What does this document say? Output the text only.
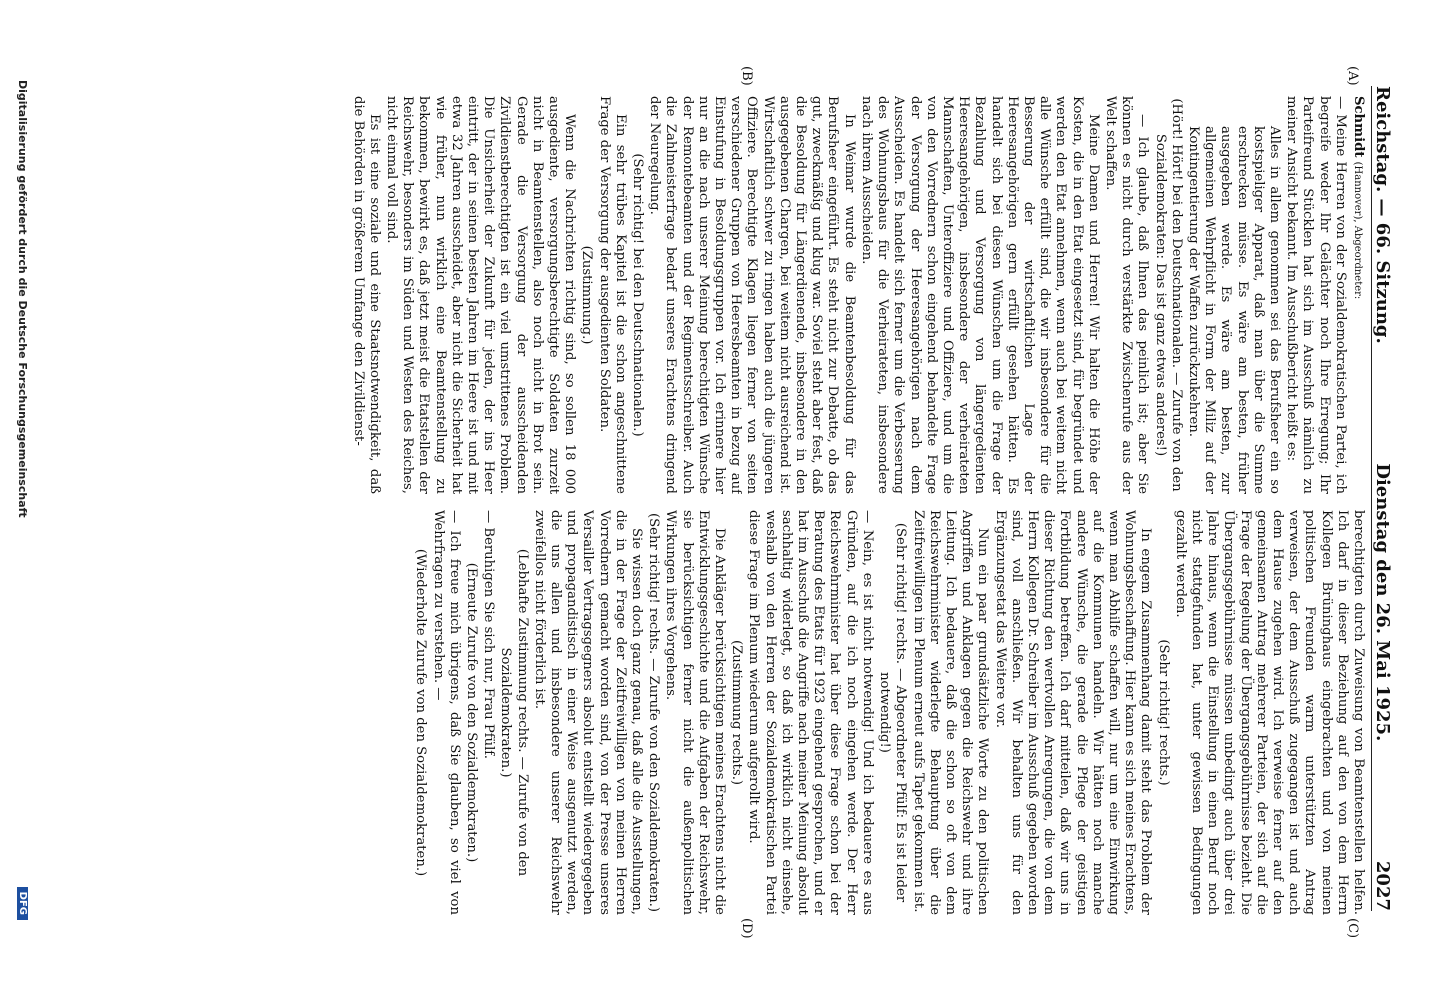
Reichstag. — 66. Sitzung.
Dienstag den 26. Mai 1925.
2027
(A)
(B)
(C)
(D)

Schmidt (Hannover), Abgeordneter:

— Meine Herren von der Sozialdemokratischen Partei, ich begreife weder Ihr Gelächter noch Ihre Erregung; Ihr Parteifreund Stücklen hat sich im Ausschuß nämlich zu meiner Ansicht bekannt. Im Ausschußbericht heißt es:

Alles in allem genommen sei das Berufsheer ein so kostspieliger Apparat, daß man über die Summe erschrecken müsse. Es wäre am besten, früher ausgegeben werde. Es wäre am besten, zur allgemeinen Wehrpflicht in Form der Miliz auf der Kontingentierung der Waffen zurückzukehren.

(Hört! Hört! bei den Deutschnationalen. — Zurufe von den Sozialdemokraten: Das ist ganz etwas anderes!)

— Ich glaube, daß Ihnen das peinlich ist; aber Sie können es nicht durch verstärkte Zwischenrufe aus der Welt schaffen.

Meine Damen und Herren! Wir halten die Höhe der Kosten, die in den Etat eingesetzt sind, für begründet und werden den Etat annehmen, wenn auch bei weitem nicht alle Wünsche erfüllt sind, die wir insbesondere für die Besserung der wirtschaftlichen Lage der Heeresangehörigen gern erfüllt gesehen hätten. Es handelt sich bei diesen Wünschen um die Frage der Bezahlung und Versorgung von längergedienten Heeresangehörigen, insbesondere der verheirateten Mannschaften, Unteroffiziere und Offiziere, und um die von den Vorrednern schon eingehend behandelte Frage der Versorgung der Heeresangehörigen nach dem Ausscheiden. Es handelt sich ferner um die Verbesserung des Wohnungsbaus für die Verheirateten, insbesondere nach ihrem Ausscheiden.

In Weimar wurde die Beamtenbesoldung für das Berufsheer eingeführt. Es steht nicht zur Debatte, ob das gut, zweckmäßig und klug war. Soviel steht aber fest, daß die Besoldung für Längerdienende, insbesondere in den ausgegebenen Chargen, bei weitem nicht ausreichend ist. Wirtschaftlich schwer zu ringen haben auch die jüngeren Offiziere. Berechtigte Klagen liegen ferner von seiten verschiedener Gruppen von Heeresbeamten in bezug auf Einstufung in Besoldungsgruppen vor. Ich erinnere hier nur an die nach unserer Meinung berechtigten Wünsche der Remontebeamten und der Regimentsschreiber. Auch die Zahlmeisterfrage bedarf unseres Erachtens dringend der Neuregelung.

(Sehr richtig! bei den Deutschnationalen.)

Ein sehr trübes Kapitel ist die schon angeschnittene Frage der Versorgung der ausgedienten Soldaten.

(Zustimmung.)

Wenn die Nachrichten richtig sind, so sollen 18 000 ausgediente, versorgungsberechtigte Soldaten zurzeit nicht in Beamtenstellen, also noch nicht in Brot sein. Gerade die Versorgung der ausscheidenden Zivildienstberechtigten ist ein viel umstrittenes Problem. Die Unsicherheit der Zukunft für jeden, der ins Heer eintritt, der in seinen besten Jahren im Heere ist und mit etwa 32 Jahren ausscheidet, aber nicht die Sicherheit hat wie früher, nun wirklich eine Beamtenstellung zu bekommen, bewirkt es, daß jetzt meist die Etatstellen der Reichswehr, besonders im Süden und Westen des Reiches, nicht einmal voll sind.

Es ist eine soziale und eine Staatsnotwendigkeit, daß die Behörden in größerem Umfange den Zivildienst-

berechtigten durch Zuweisung von Beamtenstellen helfen. Ich darf in dieser Beziehung auf den von dem Herrn Kollegen Brüninghaus eingebrachten und von meinen politischen Freunden warm unterstützten Antrag verweisen, der dem Ausschuß zugegangen ist und auch dem Hause zugehen wird. Ich verweise ferner auf den gemeinsamen Antrag mehrerer Parteien, der sich auf die Frage der Regelung der Übergangsgebührnisse bezieht. Die Übergangsgebührnisse müssen unbedingt auch über drei Jahre hinaus, wenn die Einstellung in einen Beruf noch nicht stattgefunden hat, unter gewissen Bedingungen gezahlt werden.

(Sehr richtig! rechts.)

In engem Zusammenhang damit steht das Problem der Wohnungsbeschaffung. Hier kann es sich meines Erachtens, wenn man Abhilfe schaffen will, nur um eine Einwirkung auf die Kommunen handeln. Wir hätten noch manche andere Wünsche, die gerade die Pflege der geistigen Fortbildung betreffen. Ich darf mitteilen, daß wir uns in dieser Richtung den wertvollen Anregungen, die von dem Herrn Kollegen Dr. Schreiber im Ausschuß gegeben worden sind, voll anschließen. Wir behalten uns für den Ergänzungsetat das Weitere vor.

Nun ein paar grundsätzliche Worte zu den politischen Angriffen und Anklagen gegen die Reichswehr und ihre Leitung. Ich bedauere, daß die schon so oft von dem Reichswehrminister widerlegte Behauptung über die Zeitfreiwilligen im Plenum erneut aufs Tapet gekommen ist.

(Sehr richtig! rechts. — Abgeordneter Pfülf: Es ist leider notwendig!)

— Nein, es ist nicht notwendig! Und ich bedauere es aus Gründen, auf die ich noch eingehen werde. Der Herr Reichswehrminister hat über diese Frage schon bei der Beratung des Etats für 1923 eingehend gesprochen, und er hat im Ausschuß die Angriffe nach meiner Meinung absolut sachhaltig widerlegt, so daß ich wirklich nicht einsehe, weshalb von den Herren der Sozialdemokratischen Partei diese Frage im Plenum wiederum aufgerollt wird.

(Zustimmung rechts.)

Die Ankläger berücksichtigen meines Erachtens nicht die Entwicklungsgeschichte und die Aufgaben der Reichswehr, sie berücksichtigen ferner nicht die außenpolitischen Wirkungen ihres Vorgehens.

(Sehr richtig! rechts. — Zurufe von den Sozialdemokraten.)

Sie wissen doch ganz genau, daß alle die Ausstellungen, die in der Frage der Zeitfreiwilligen von meinen Herren Vorrednern gemacht worden sind, von der Presse unseres Versailler Vertragsgegners absolut entstellt wiedergegeben und propagandistisch in einer Weise ausgenutzt werden, die uns allen und insbesondere unserer Reichswehr zweifellos nicht förderlich ist.

(Lebhafte Zustimmung rechts. — Zurufe von den Sozialdemokraten.)

— Beruhigen Sie sich nur, Frau Pfülf.

(Erneute Zurufe von den Sozialdemokraten.)

— Ich freue mich übrigens, daß Sie glauben, so viel von Wehrfragen zu verstehen. —

(Wiederholte Zurufe von den Sozialdemokraten.)

Digitalisierung gefördert durch die Deutsche Forschungsgemeinschaft
DFG
